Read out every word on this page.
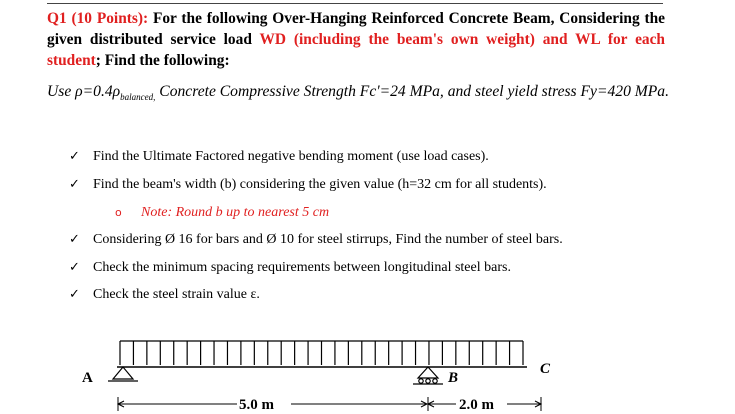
Q1 (10 Points): For the following Over-Hanging Reinforced Concrete Beam, Considering the given distributed service load WD (including the beam's own weight) and WL for each student; Find the following:
Use $\rho=0.4\rho_{balanced,}$ Concrete Compressive Strength Fc'=24 MPa, and steel yield stress Fy=420 MPa.
✓ Find the Ultimate Factored negative bending moment (use load cases).
✓ Find the beam's width (b) considering the given value (h=32 cm for all students).
o Note: Round b up to nearest 5 cm
✓ Considering Ø 16 for bars and Ø 10 for steel stirrups, Find the number of steel bars.
✓ Check the minimum spacing requirements between longitudinal steel bars.
✓ Check the steel strain value ε.
A	B
C
5.0 m	2.0 m
